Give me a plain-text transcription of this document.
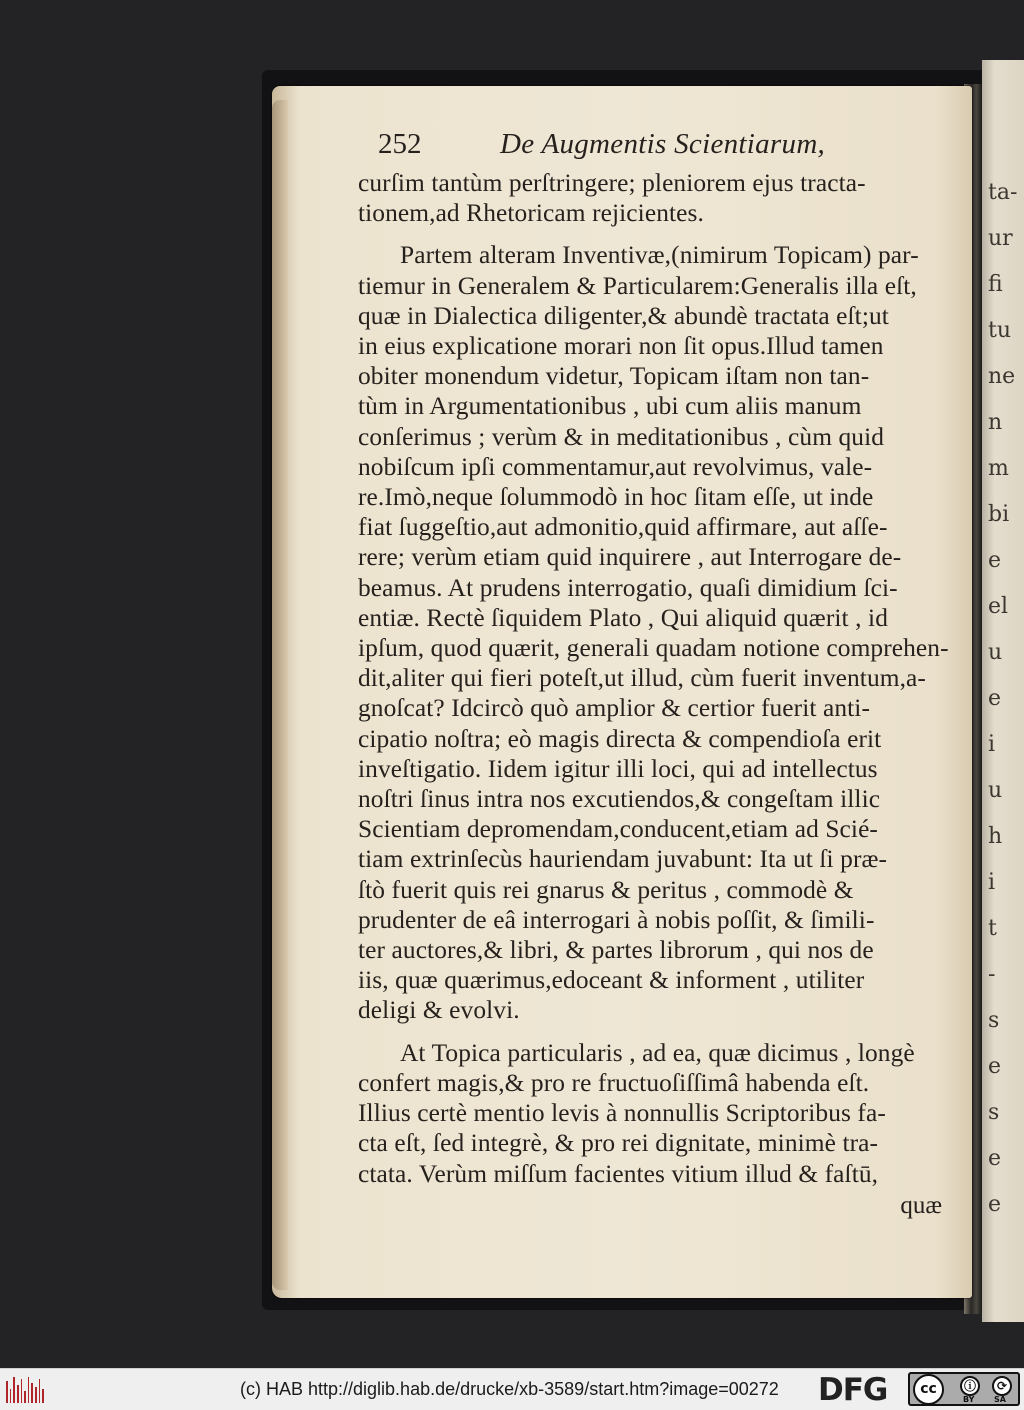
ta-
ur
fi
tu
ne
n
m
bi
e
el
u
e
i
u
h
i
t
-
s
e
s
e
e
252	De Augmentis Scientiarum,
curſim tantùm perſtringere; pleniorem ejus tracta-
tionem,ad Rhetoricam rejicientes.
Partem alteram Inventivæ,(nimirum Topicam) par-
tiemur in Generalem & Particularem:Generalis illa eſt,
quæ in Dialectica diligenter,& abundè tractata eſt;ut
in eius explicatione morari non ſit opus.Illud tamen
obiter monendum videtur, Topicam iſtam non tan-
tùm in Argumentationibus , ubi cum aliis manum
conſerimus ; verùm & in meditationibus , cùm quid
nobiſcum ipſi commentamur,aut revolvimus, vale-
re.Imò,neque ſolummodò in hoc ſitam eſſe, ut inde
fiat ſuggeſtio,aut admonitio,quid affirmare, aut aſſe-
rere; verùm etiam quid inquirere , aut Interrogare de-
beamus. At prudens interrogatio, quaſi dimidium ſci-
entiæ. Rectè ſiquidem Plato , Qui aliquid quærit , id
ipſum, quod quærit, generali quadam notione comprehen-
dit,aliter qui fieri poteſt,ut illud, cùm fuerit inventum,a-
gnoſcat? Idcircò quò amplior & certior fuerit anti-
cipatio noſtra; eò magis directa & compendioſa erit
inveſtigatio. Iidem igitur illi loci, qui ad intellectus
noſtri ſinus intra nos excutiendos,& congeſtam illic
Scientiam depromendam,conducent,etiam ad Scié-
tiam extrinſecùs hauriendam juvabunt: Ita ut ſi præ-
ſtò fuerit quis rei gnarus & peritus , commodè &
prudenter de eâ interrogari à nobis poſſit, & ſimili-
ter auctores,& libri, & partes librorum , qui nos de
iis, quæ quærimus,edoceant & informent , utiliter
deligi & evolvi.
At Topica particularis , ad ea, quæ dicimus , longè
confert magis,& pro re fructuoſiſſimâ habenda eſt.
Illius certè mentio levis à nonnullis Scriptoribus fa-
cta eſt, ſed integrè, & pro rei dignitate, minimè tra-
ctata. Verùm miſſum facientes vitium illud & faſtū,
quæ
(c) HAB http://diglib.hab.de/drucke/xb-3589/start.htm?image=00272 DFG	cc	ⓘ	⟳
BY SA
